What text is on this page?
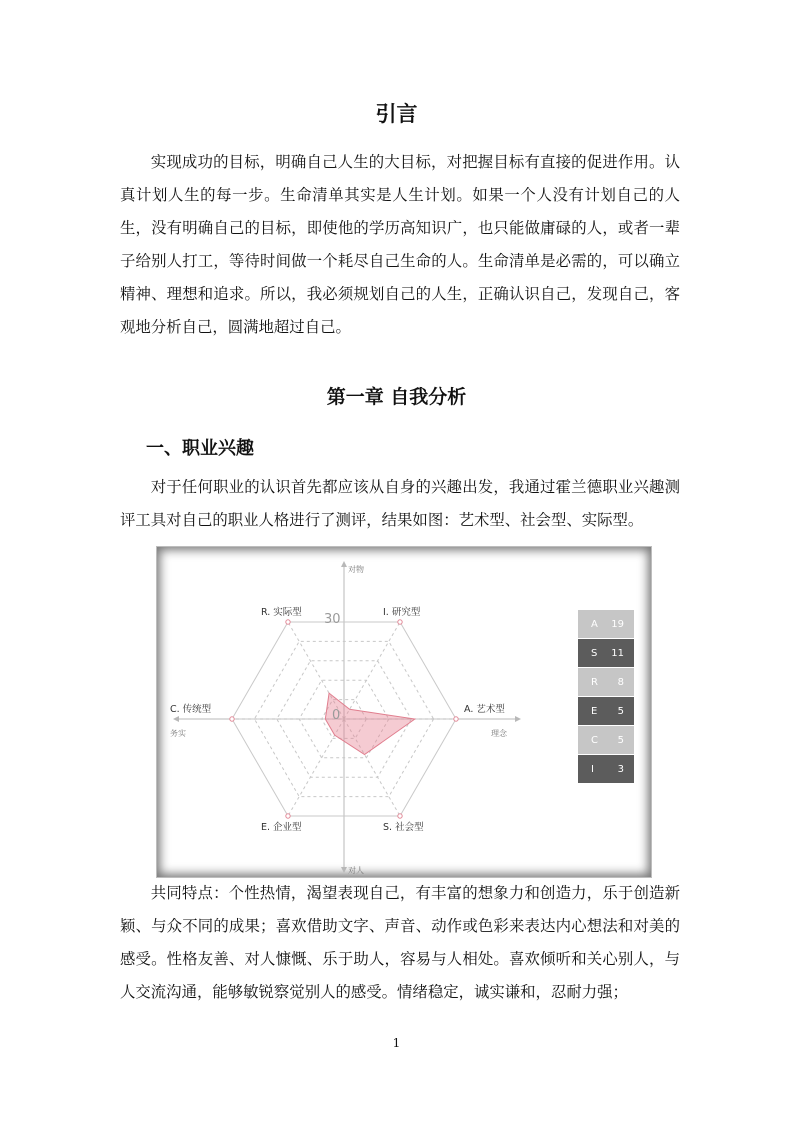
引言
实现成功的目标，明确自己人生的大目标，对把握目标有直接的促进作用。认真计划人生的每一步。生命清单其实是人生计划。如果一个人没有计划自己的人生，没有明确自己的目标，即使他的学历高知识广，也只能做庸碌的人，或者一辈子给别人打工，等待时间做一个耗尽自己生命的人。生命清单是必需的，可以确立精神、理想和追求。所以，我必须规划自己的人生，正确认识自己，发现自己，客观地分析自己，圆满地超过自己。
第一章 自我分析
一、职业兴趣
对于任何职业的认识首先都应该从自身的兴趣出发，我通过霍兰德职业兴趣测评工具对自己的职业人格进行了测评，结果如图：艺术型、社会型、实际型。
A. 艺术型
S. 社会型
E. 企业型
C. 传统型
R. 实际型	I. 研究型
对物
对人
务实	理念
30
0
A 19
S 11
R 8
E 5
C 5
I 3
共同特点：个性热情，渴望表现自己，有丰富的想象力和创造力，乐于创造新颖、与众不同的成果；喜欢借助文字、声音、动作或色彩来表达内心想法和对美的感受。性格友善、对人慷慨、乐于助人，容易与人相处。喜欢倾听和关心别人，与人交流沟通，能够敏锐察觉别人的感受。情绪稳定，诚实谦和，忍耐力强；
1
